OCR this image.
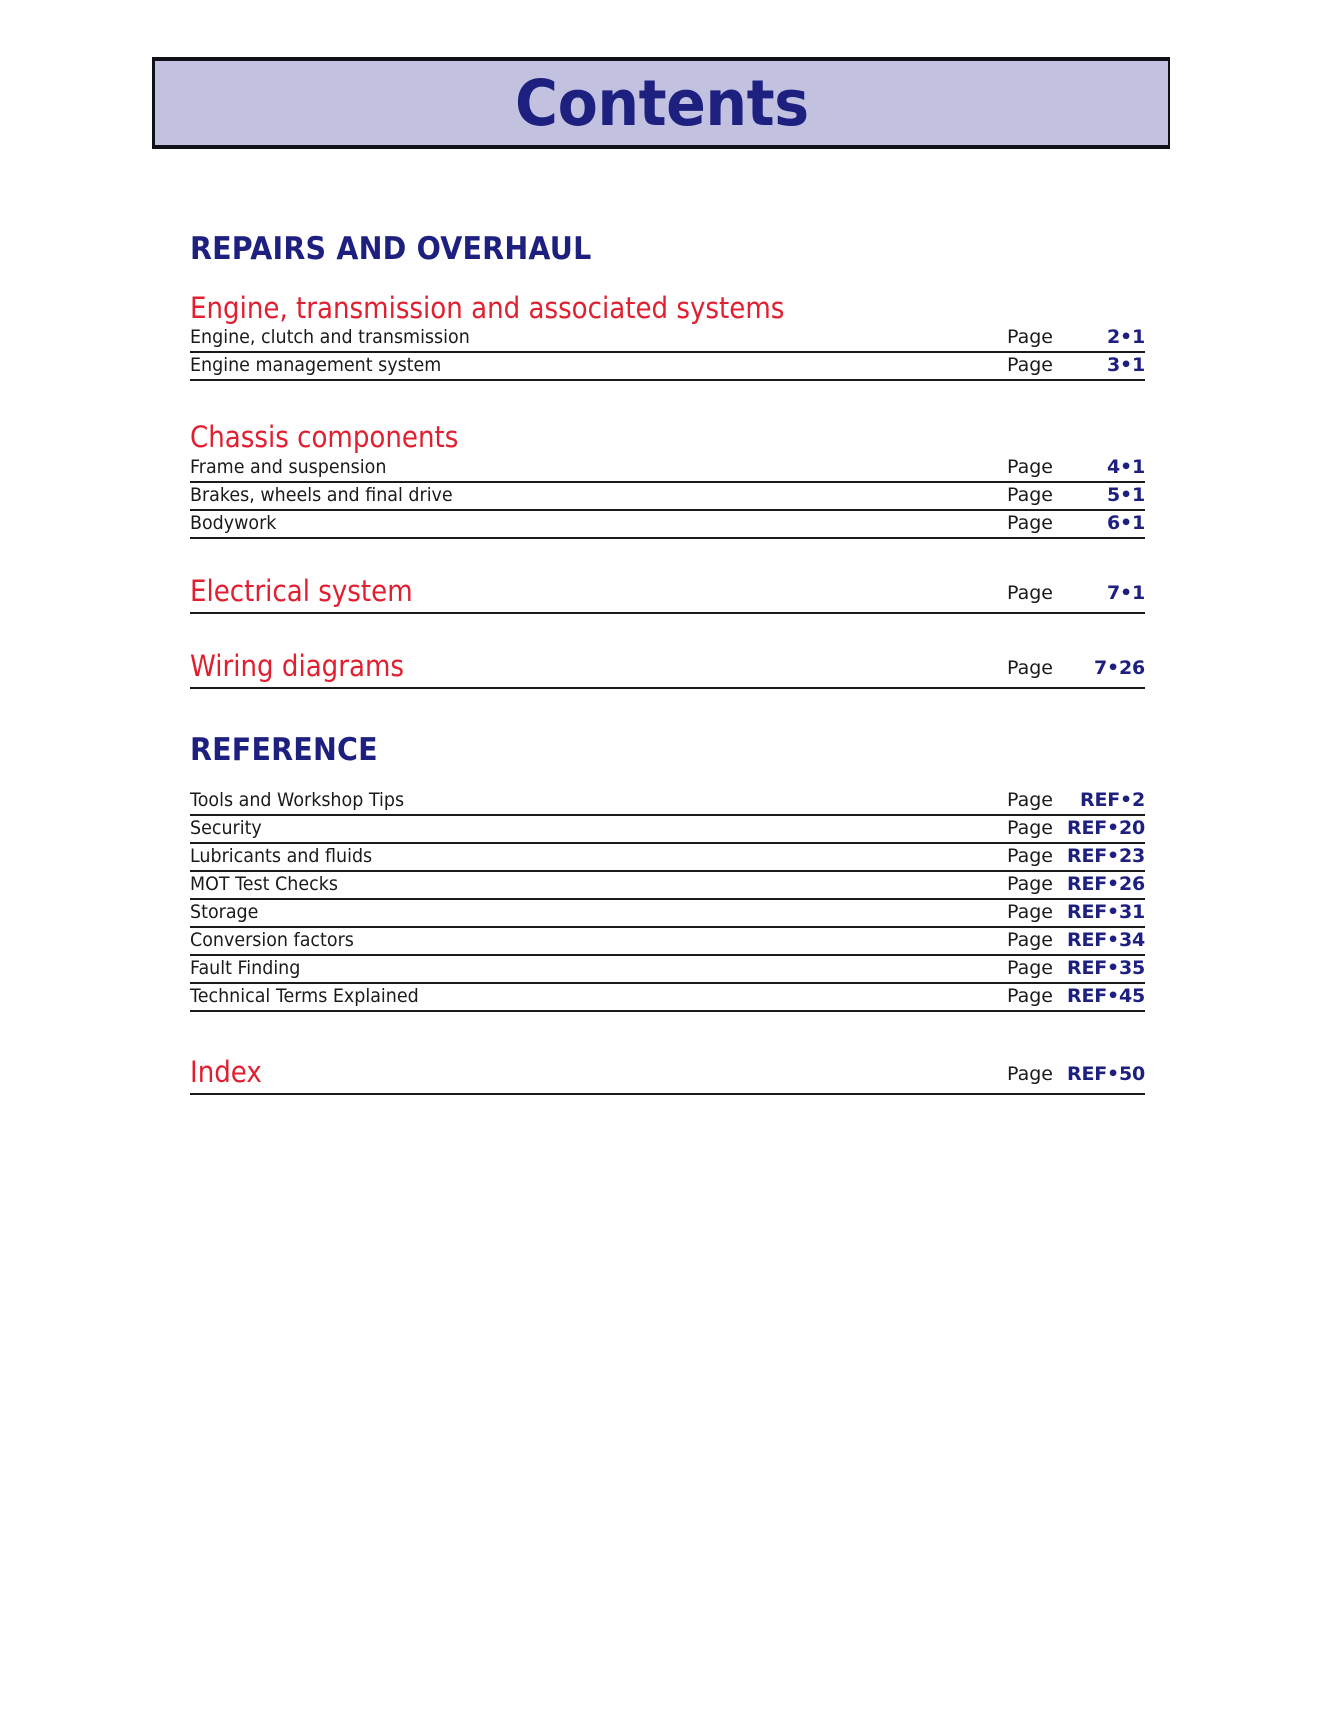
Contents
REPAIRS AND OVERHAUL
Engine, transmission and associated systems
Engine, clutch and transmission	Page	2•1
Engine management system	Page	3•1
Chassis components
Frame and suspension	Page	4•1
Brakes, wheels and final drive	Page	5•1
Bodywork	Page	6•1
Electrical system	Page	7•1
Wiring diagrams	Page	7•26
REFERENCE
Tools and Workshop Tips	Page	REF•2
Security	Page REF•20
Lubricants and fluids	Page REF•23
MOT Test Checks	Page REF•26
Storage	Page REF•31
Conversion factors	Page REF•34
Fault Finding	Page REF•35
Technical Terms Explained	Page REF•45
Index	Page REF•50
